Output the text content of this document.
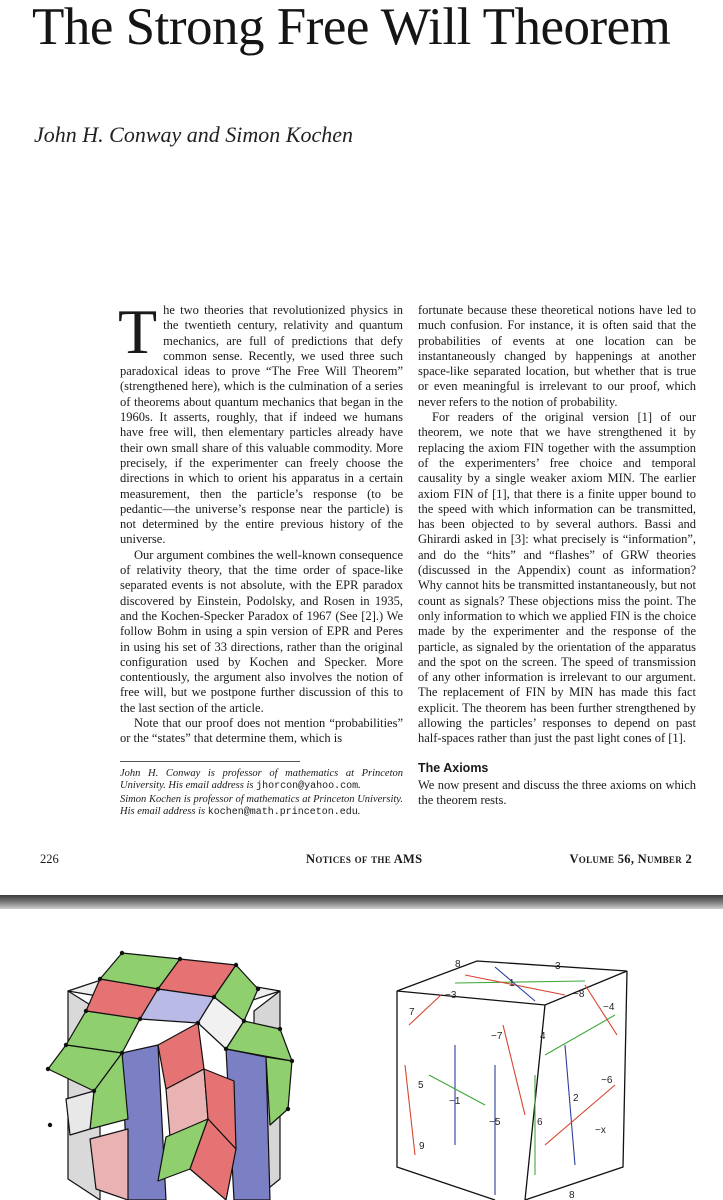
The Strong Free Will Theorem
John H. Conway and Simon Kochen

The two theories that revolutionized physics in the twentieth century, relativity and quantum mechanics, are full of predictions that defy common sense. Recently, we used three such paradoxical ideas to prove “The Free Will Theorem” (strengthened here), which is the culmination of a series of theorems about quantum mechanics that began in the 1960s. It asserts, roughly, that if indeed we humans have free will, then elementary particles already have their own small share of this valuable commodity. More precisely, if the experimenter can freely choose the directions in which to orient his apparatus in a certain measurement, then the particle’s response (to be pedantic—the universe’s response near the particle) is not determined by the entire previous history of the universe.

Our argument combines the well-known consequence of relativity theory, that the time order of space-like separated events is not absolute, with the EPR paradox discovered by Einstein, Podolsky, and Rosen in 1935, and the Kochen-Specker Paradox of 1967 (See [2].) We follow Bohm in using a spin version of EPR and Peres in using his set of 33 directions, rather than the original configuration used by Kochen and Specker. More contentiously, the argument also involves the notion of free will, but we postpone further discussion of this to the last section of the article.

Note that our proof does not mention “probabilities” or the “states” that determine them, which is

John H. Conway is professor of mathematics at Princeton University. His email address is jhorcon@yahoo.com.

Simon Kochen is professor of mathematics at Princeton University. His email address is kochen@math.princeton.edu.

fortunate because these theoretical notions have led to much confusion. For instance, it is often said that the probabilities of events at one location can be instantaneously changed by happenings at another space-like separated location, but whether that is true or even meaningful is irrelevant to our proof, which never refers to the notion of probability.

For readers of the original version [1] of our theorem, we note that we have strengthened it by replacing the axiom FIN together with the assumption of the experimenters’ free choice and temporal causality by a single weaker axiom MIN. The earlier axiom FIN of [1], that there is a finite upper bound to the speed with which information can be transmitted, has been objected to by several authors. Bassi and Ghirardi asked in [3]: what precisely is “information”, and do the “hits” and “flashes” of GRW theories (discussed in the Appendix) count as information? Why cannot hits be transmitted instantaneously, but not count as signals? These objections miss the point. The only information to which we applied FIN is the choice made by the experimenter and the response of the particle, as signaled by the orientation of the apparatus and the spot on the screen. The speed of transmission of any other information is irrelevant to our argument. The replacement of FIN by MIN has made this fact explicit. The theorem has been further strengthened by allowing the particles’ responses to depend on past half-spaces rather than just the past light cones of [1].

The Axioms

We now present and discuss the three axioms on which the theorem rests.

226	Notices of the AMS	Volume 56, Number 2
8	3
1
−3	−8
7	−4
−7	4
5
−1
−6
2
−5	6
−x
9
8
